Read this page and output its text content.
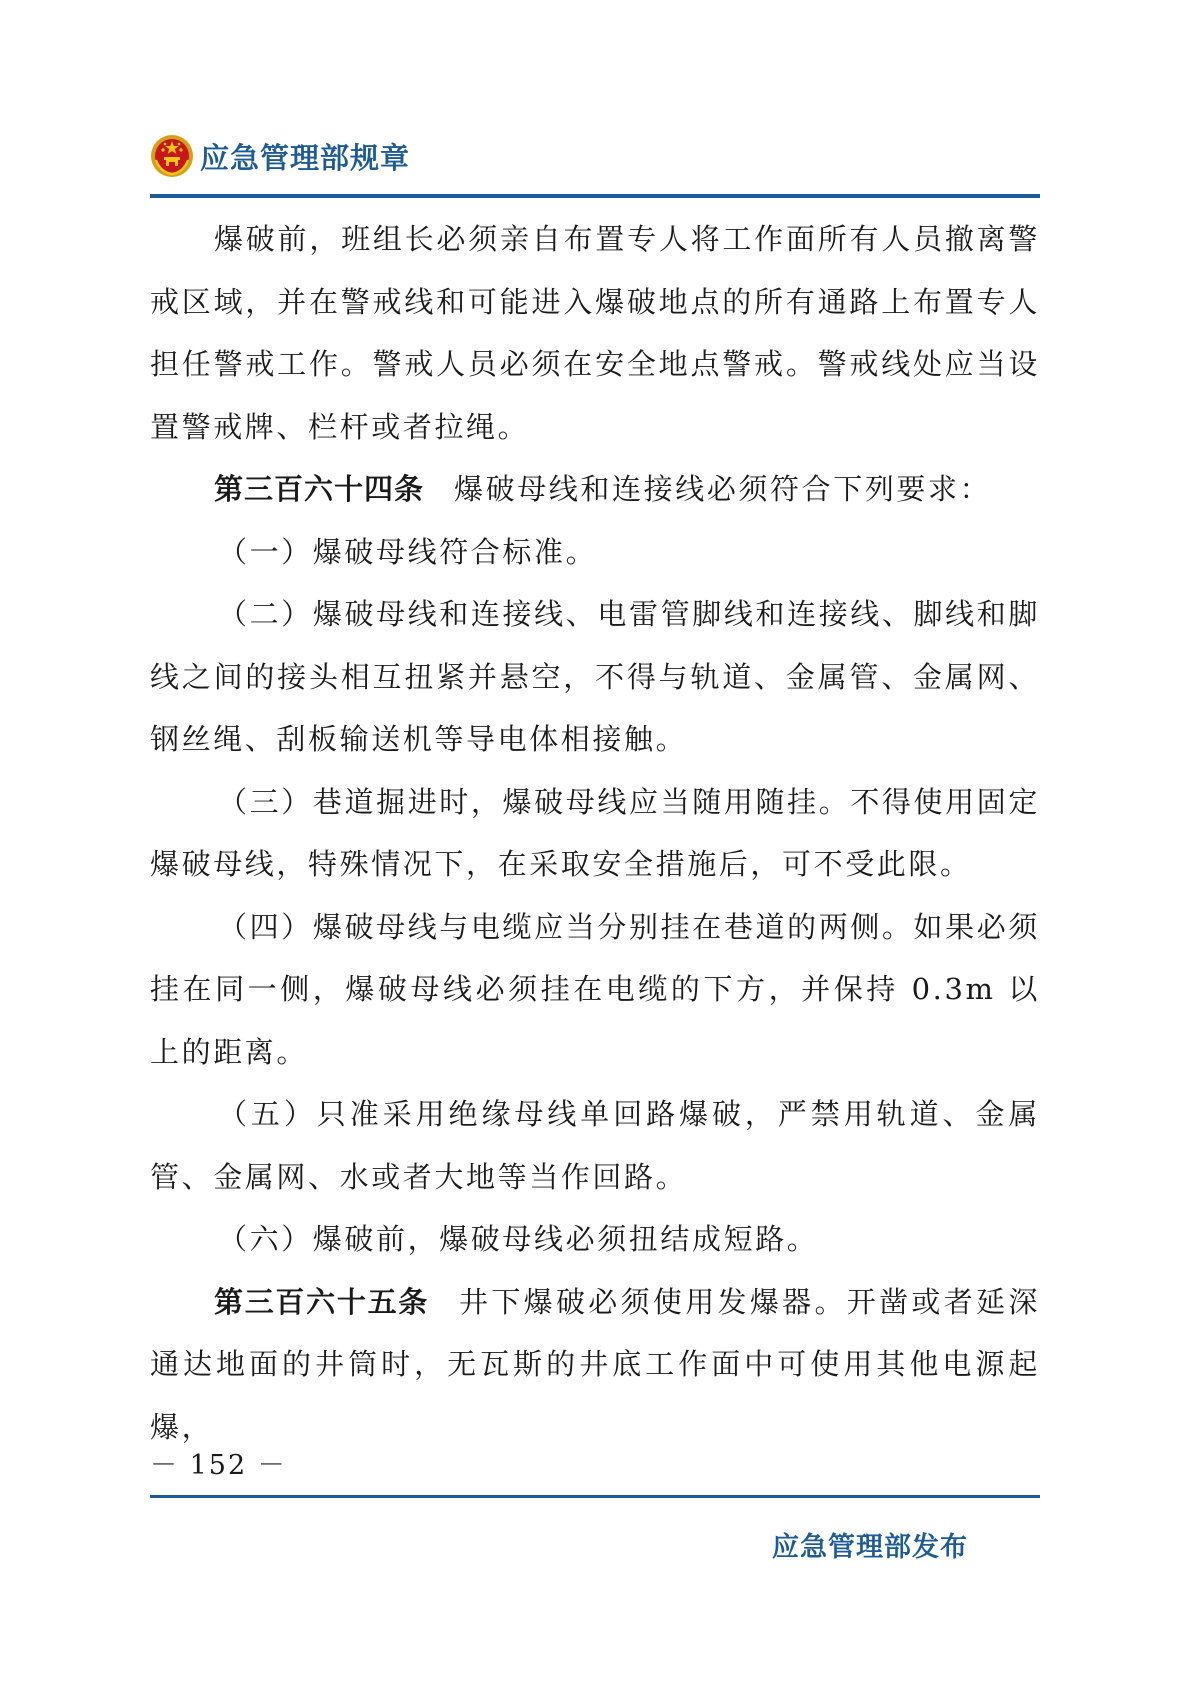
应急管理部规章

爆破前，班组长必须亲自布置专人将工作面所有人员撤离警戒区域，并在警戒线和可能进入爆破地点的所有通路上布置专人担任警戒工作。警戒人员必须在安全地点警戒。警戒线处应当设置警戒牌、栏杆或者拉绳。

第三百六十四条 爆破母线和连接线必须符合下列要求：

（一）爆破母线符合标准。

（二）爆破母线和连接线、电雷管脚线和连接线、脚线和脚线之间的接头相互扭紧并悬空，不得与轨道、金属管、金属网、钢丝绳、刮板输送机等导电体相接触。

（三）巷道掘进时，爆破母线应当随用随挂。不得使用固定爆破母线，特殊情况下，在采取安全措施后，可不受此限。

（四）爆破母线与电缆应当分别挂在巷道的两侧。如果必须挂在同一侧，爆破母线必须挂在电缆的下方，并保持 0.3m 以上的距离。

（五）只准采用绝缘母线单回路爆破，严禁用轨道、金属管、金属网、水或者大地等当作回路。

（六）爆破前，爆破母线必须扭结成短路。

第三百六十五条 井下爆破必须使用发爆器。开凿或者延深通达地面的井筒时，无瓦斯的井底工作面中可使用其他电源起爆，

－ 152 －
应急管理部发布
